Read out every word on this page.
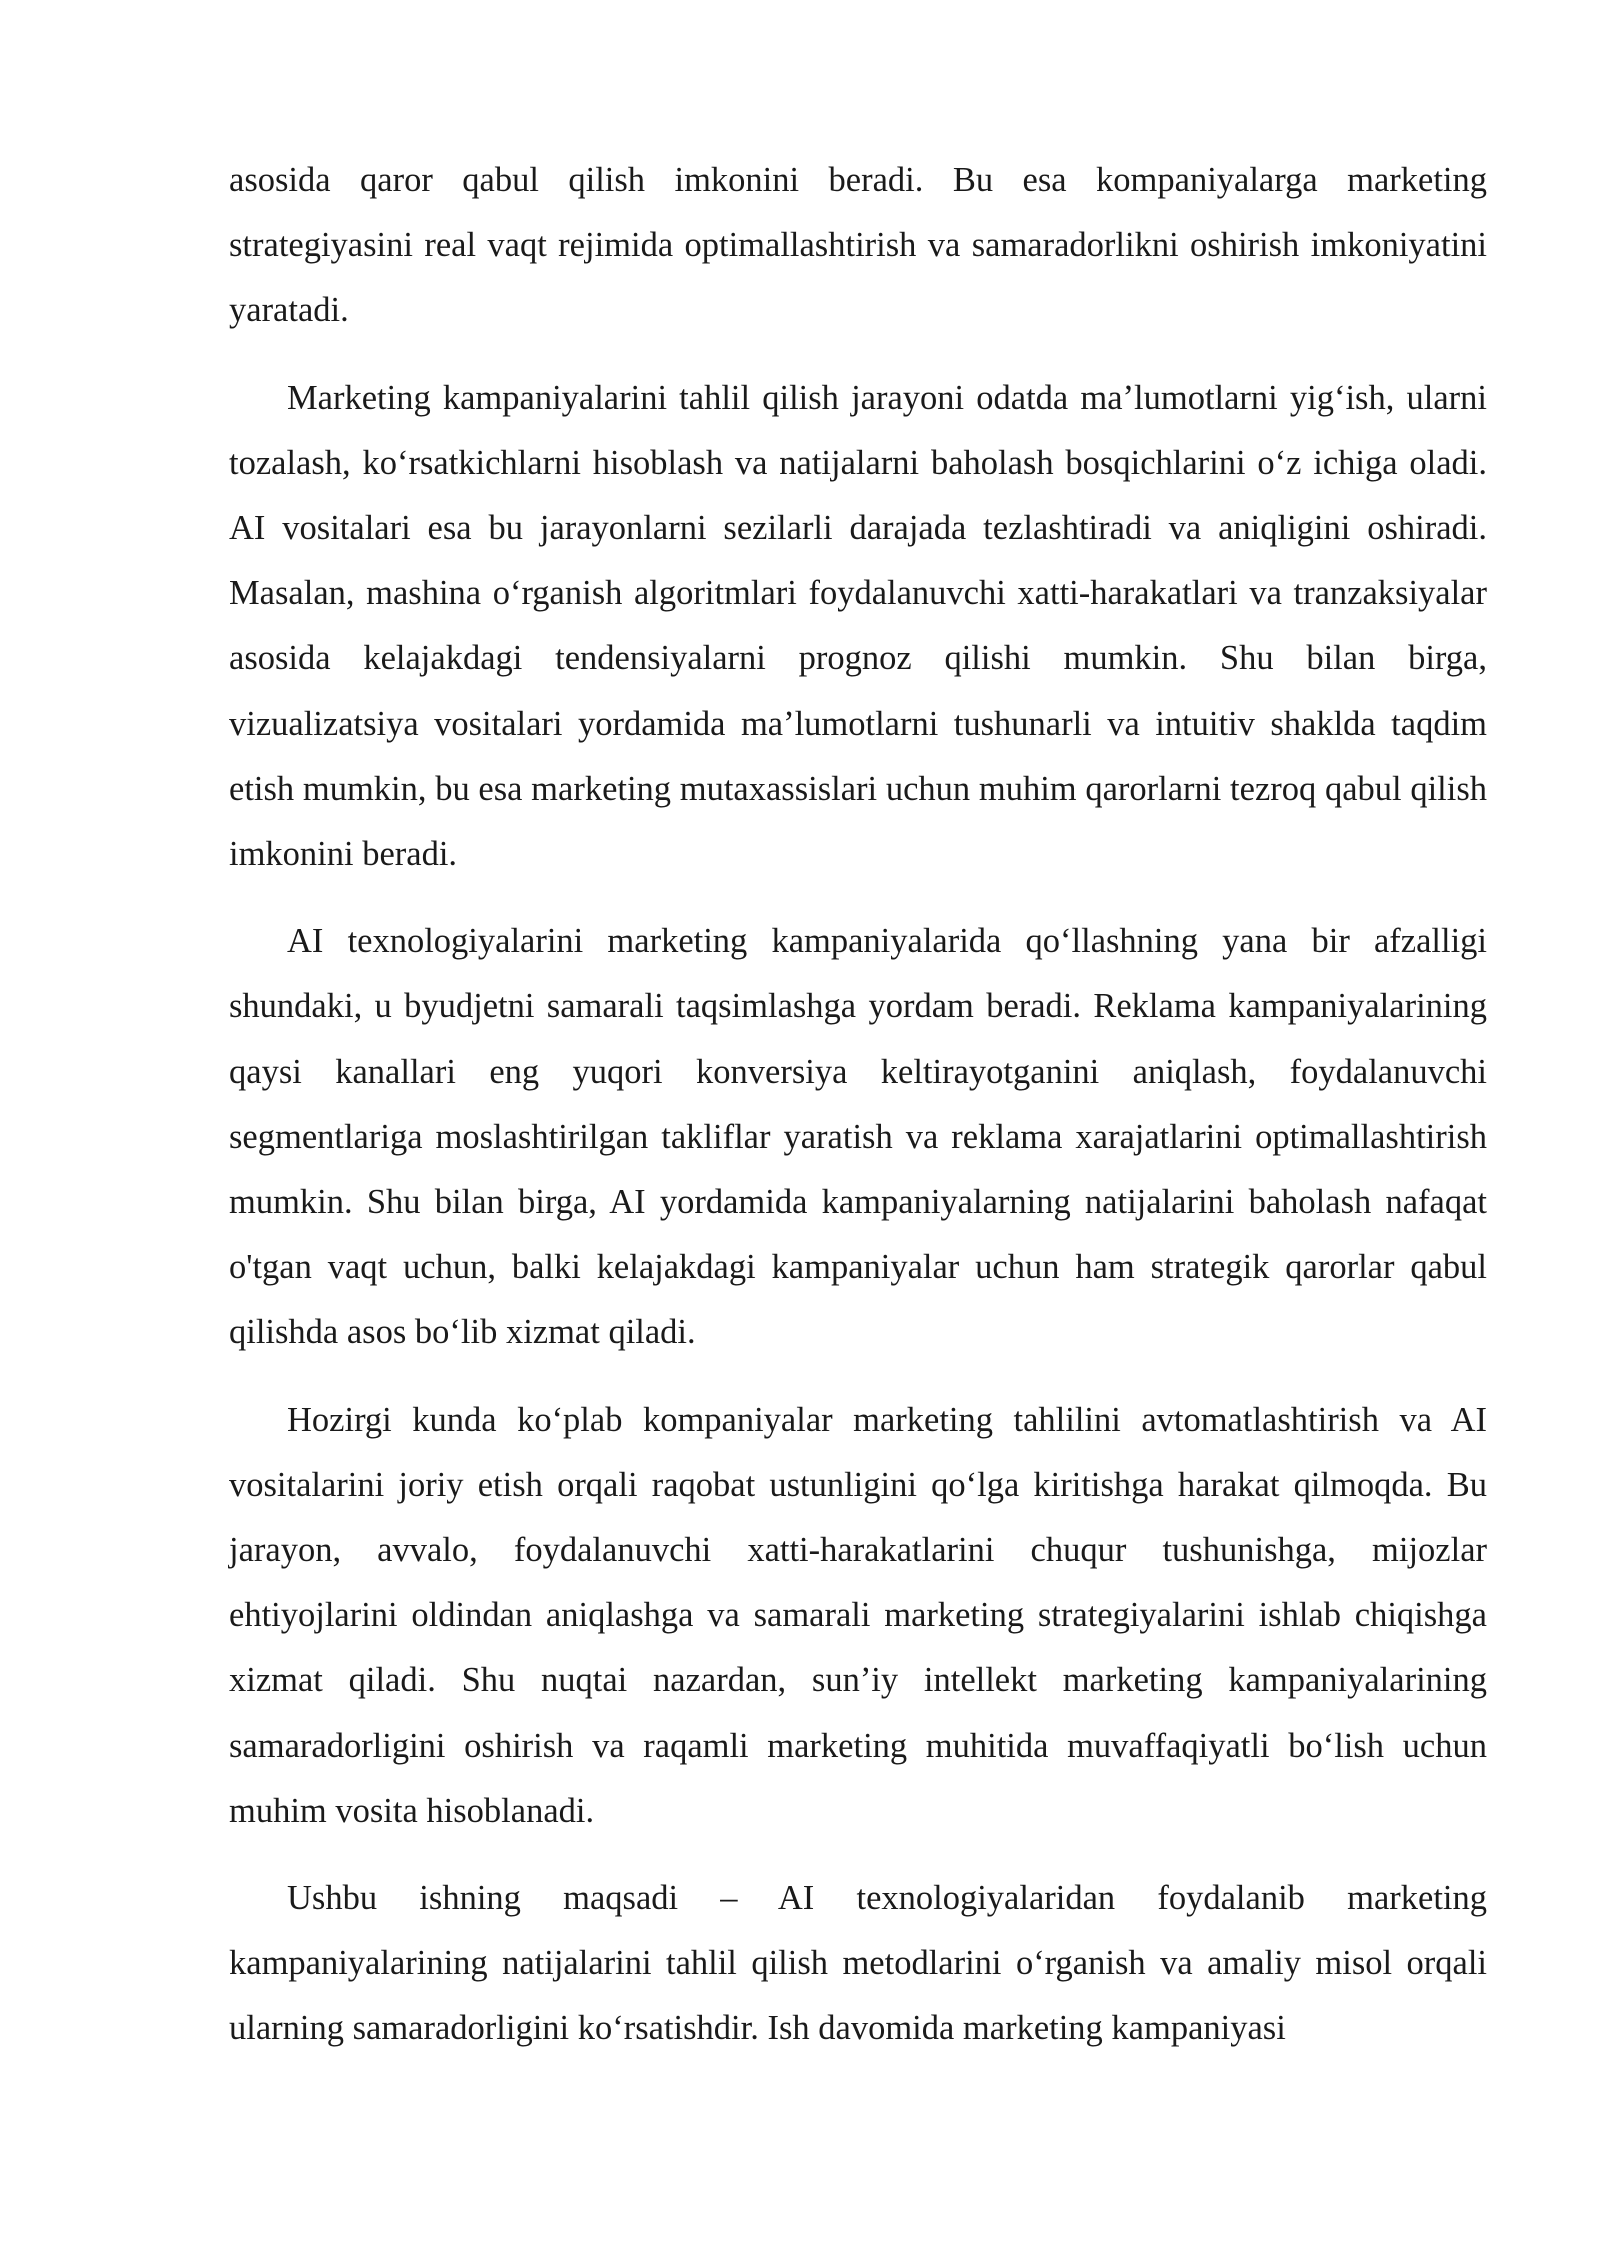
asosida qaror qabul qilish imkonini beradi. Bu esa kompaniyalarga marketing strategiyasini real vaqt rejimida optimallashtirish va samaradorlikni oshirish imkoniyatini yaratadi.

Marketing kampaniyalarini tahlil qilish jarayoni odatda maʼlumotlarni yigʻish, ularni tozalash, koʻrsatkichlarni hisoblash va natijalarni baholash bosqichlarini oʻz ichiga oladi. AI vositalari esa bu jarayonlarni sezilarli darajada tezlashtiradi va aniqligini oshiradi. Masalan, mashina oʻrganish algoritmlari foydalanuvchi xatti-harakatlari va tranzaksiyalar asosida kelajakdagi tendensiyalarni prognoz qilishi mumkin. Shu bilan birga, vizualizatsiya vositalari yordamida maʼlumotlarni tushunarli va intuitiv shaklda taqdim etish mumkin, bu esa marketing mutaxassislari uchun muhim qarorlarni tezroq qabul qilish imkonini beradi.

AI texnologiyalarini marketing kampaniyalarida qoʻllashning yana bir afzalligi shundaki, u byudjetni samarali taqsimlashga yordam beradi. Reklama kampaniyalarining qaysi kanallari eng yuqori konversiya keltirayotganini aniqlash, foydalanuvchi segmentlariga moslashtirilgan takliflar yaratish va reklama xarajatlarini optimallashtirish mumkin. Shu bilan birga, AI yordamida kampaniyalarning natijalarini baholash nafaqat o'tgan vaqt uchun, balki kelajakdagi kampaniyalar uchun ham strategik qarorlar qabul qilishda asos boʻlib xizmat qiladi.

Hozirgi kunda koʻplab kompaniyalar marketing tahlilini avtomatlashtirish va AI vositalarini joriy etish orqali raqobat ustunligini qoʻlga kiritishga harakat qilmoqda. Bu jarayon, avvalo, foydalanuvchi xatti-harakatlarini chuqur tushunishga, mijozlar ehtiyojlarini oldindan aniqlashga va samarali marketing strategiyalarini ishlab chiqishga xizmat qiladi. Shu nuqtai nazardan, sunʼiy intellekt marketing kampaniyalarining samaradorligini oshirish va raqamli marketing muhitida muvaffaqiyatli boʻlish uchun muhim vosita hisoblanadi.

Ushbu ishning maqsadi – AI texnologiyalaridan foydalanib marketing kampaniyalarining natijalarini tahlil qilish metodlarini oʻrganish va amaliy misol orqali ularning samaradorligini koʻrsatishdir. Ish davomida marketing kampaniyasi
